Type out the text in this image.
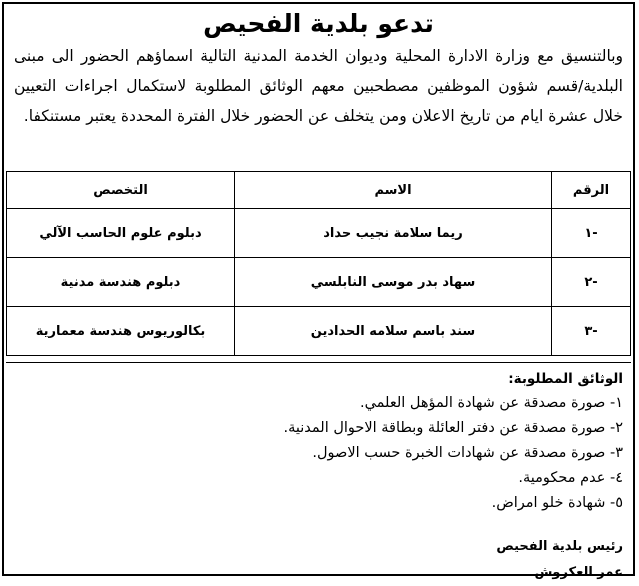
تدعو بلدية الفحيص
وبالتنسيق مع وزارة الادارة المحلية وديوان الخدمة المدنية التالية اسماؤهم الحضور الى مبنى البلدية/قسم شؤون الموظفين مصطحبين معهم الوثائق المطلوبة لاستكمال اجراءات التعيين خلال عشرة ايام من تاريخ الاعلان ومن يتخلف عن الحضور خلال الفترة المحددة يعتبر مستنكفا.
الرقم	الاسم	التخصص
-١	ريما سلامة نجيب حداد	دبلوم علوم الحاسب الآلي
-٢	سهاد بدر موسى النابلسي	دبلوم هندسة مدنية
-٣	سند باسم سلامه الحدادين	بكالوريوس هندسة معمارية
الوثائق المطلوبة:
١- صورة مصدقة عن شهادة المؤهل العلمي.
٢- صورة مصدقة عن دفتر العائلة وبطاقة الاحوال المدنية.
٣- صورة مصدقة عن شهادات الخبرة حسب الاصول.
٤- عدم محكومية.
٥- شهادة خلو امراض.
رئيس بلدية الفحيص
عمر العكروش
